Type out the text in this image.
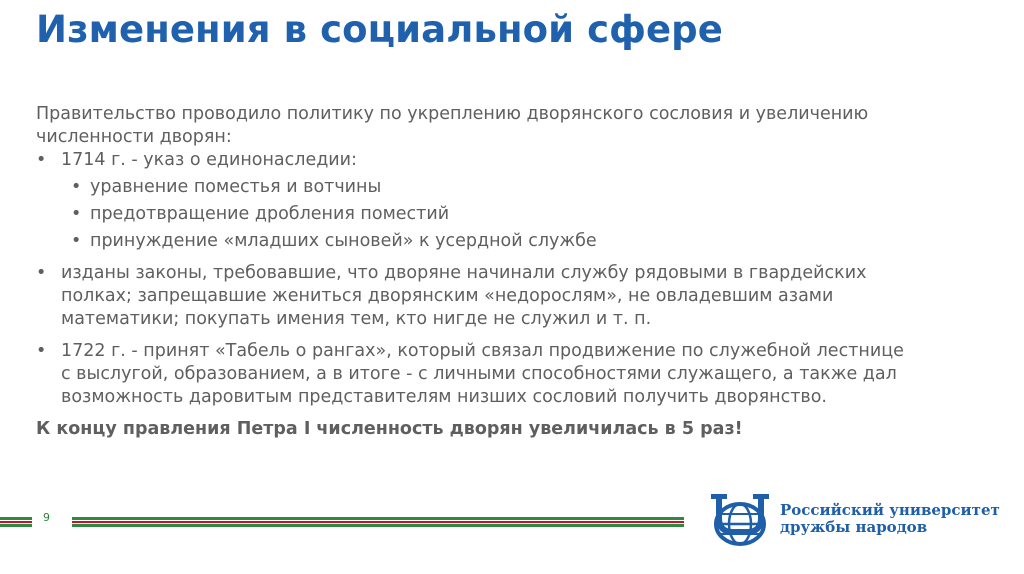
Изменения в социальной сфере

Правительство проводило политику по укреплению дворянского сословия и увеличению
численности дворян:

• 1714 г. - указ о единонаследии:
• уравнение поместья и вотчины
• предотвращение дробления поместий
• принуждение «младших сыновей» к усердной службе
• изданы законы, требовавшие, что дворяне начинали службу рядовыми в гвардейских
полках; запрещавшие жениться дворянским «недорослям», не овладевшим азами
математики; покупать имения тем, кто нигде не служил и т. п.
• 1722 г. - принят «Табель о рангах», который связал продвижение по служебной лестнице
с выслугой, образованием, а в итоге - с личными способностями служащего, а также дал
возможность даровитым представителям низших сословий получить дворянство.

К концу правления Петра I численность дворян увеличилась в 5 раз!

9	Российский университет
дружбы народов
